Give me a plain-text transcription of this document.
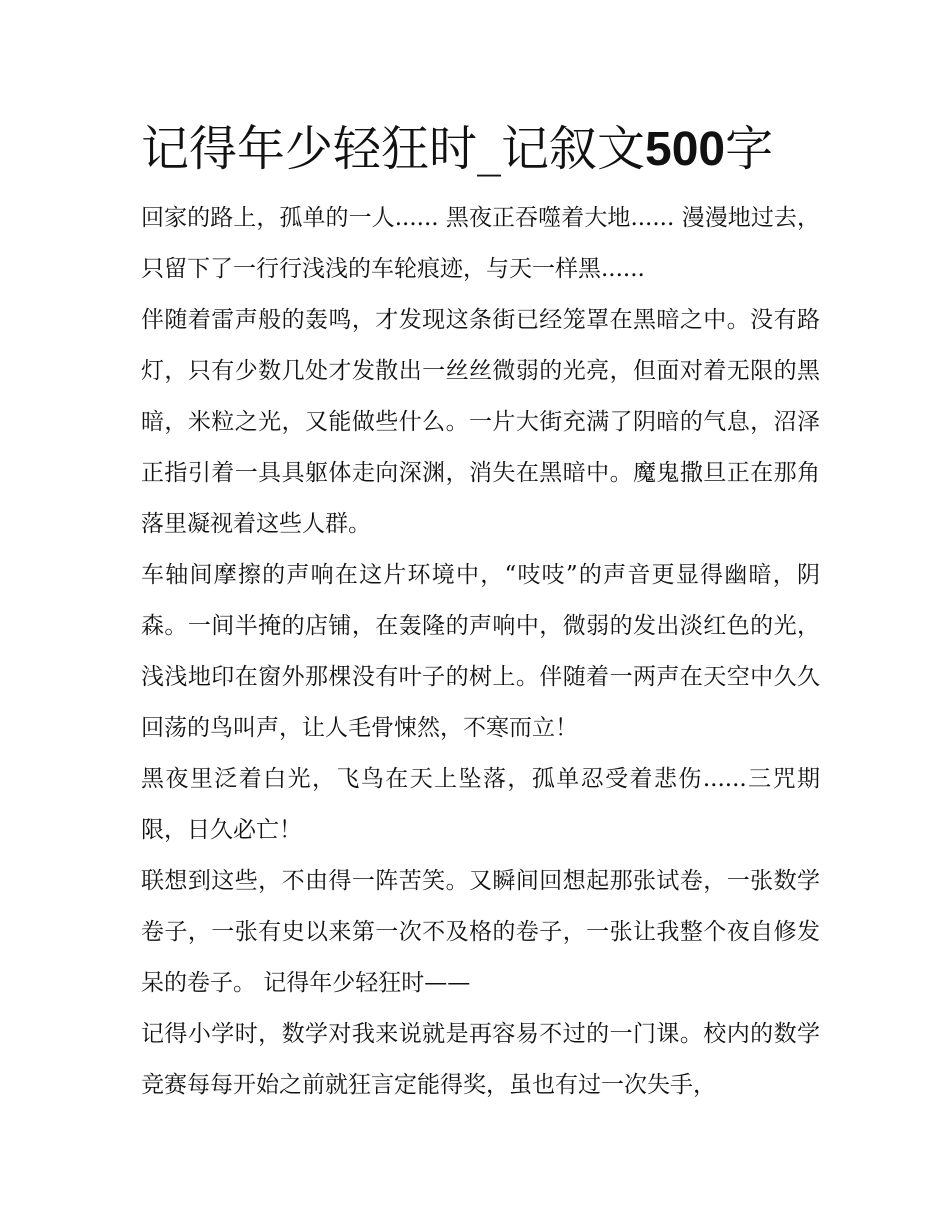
记得年少轻狂时_记叙文500字

回家的路上，孤单的一人...... 黑夜正吞噬着大地...... 漫漫地过去，只留下了一行行浅浅的车轮痕迹，与天一样黑......

伴随着雷声般的轰鸣，才发现这条街已经笼罩在黑暗之中。没有路灯，只有少数几处才发散出一丝丝微弱的光亮，但面对着无限的黑暗，米粒之光，又能做些什么。一片大街充满了阴暗的气息，沼泽正指引着一具具躯体走向深渊，消失在黑暗中。魔鬼撒旦正在那角落里凝视着这些人群。

车轴间摩擦的声响在这片环境中，“吱吱”的声音更显得幽暗，阴森。一间半掩的店铺，在轰隆的声响中，微弱的发出淡红色的光，浅浅地印在窗外那棵没有叶子的树上。伴随着一两声在天空中久久回荡的鸟叫声，让人毛骨悚然，不寒而立！

黑夜里泛着白光，飞鸟在天上坠落，孤单忍受着悲伤......三咒期限，日久必亡！

联想到这些，不由得一阵苦笑。又瞬间回想起那张试卷，一张数学卷子，一张有史以来第一次不及格的卷子，一张让我整个夜自修发呆的卷子。 记得年少轻狂时——

记得小学时，数学对我来说就是再容易不过的一门课。校内的数学竞赛每每开始之前就狂言定能得奖，虽也有过一次失手，
